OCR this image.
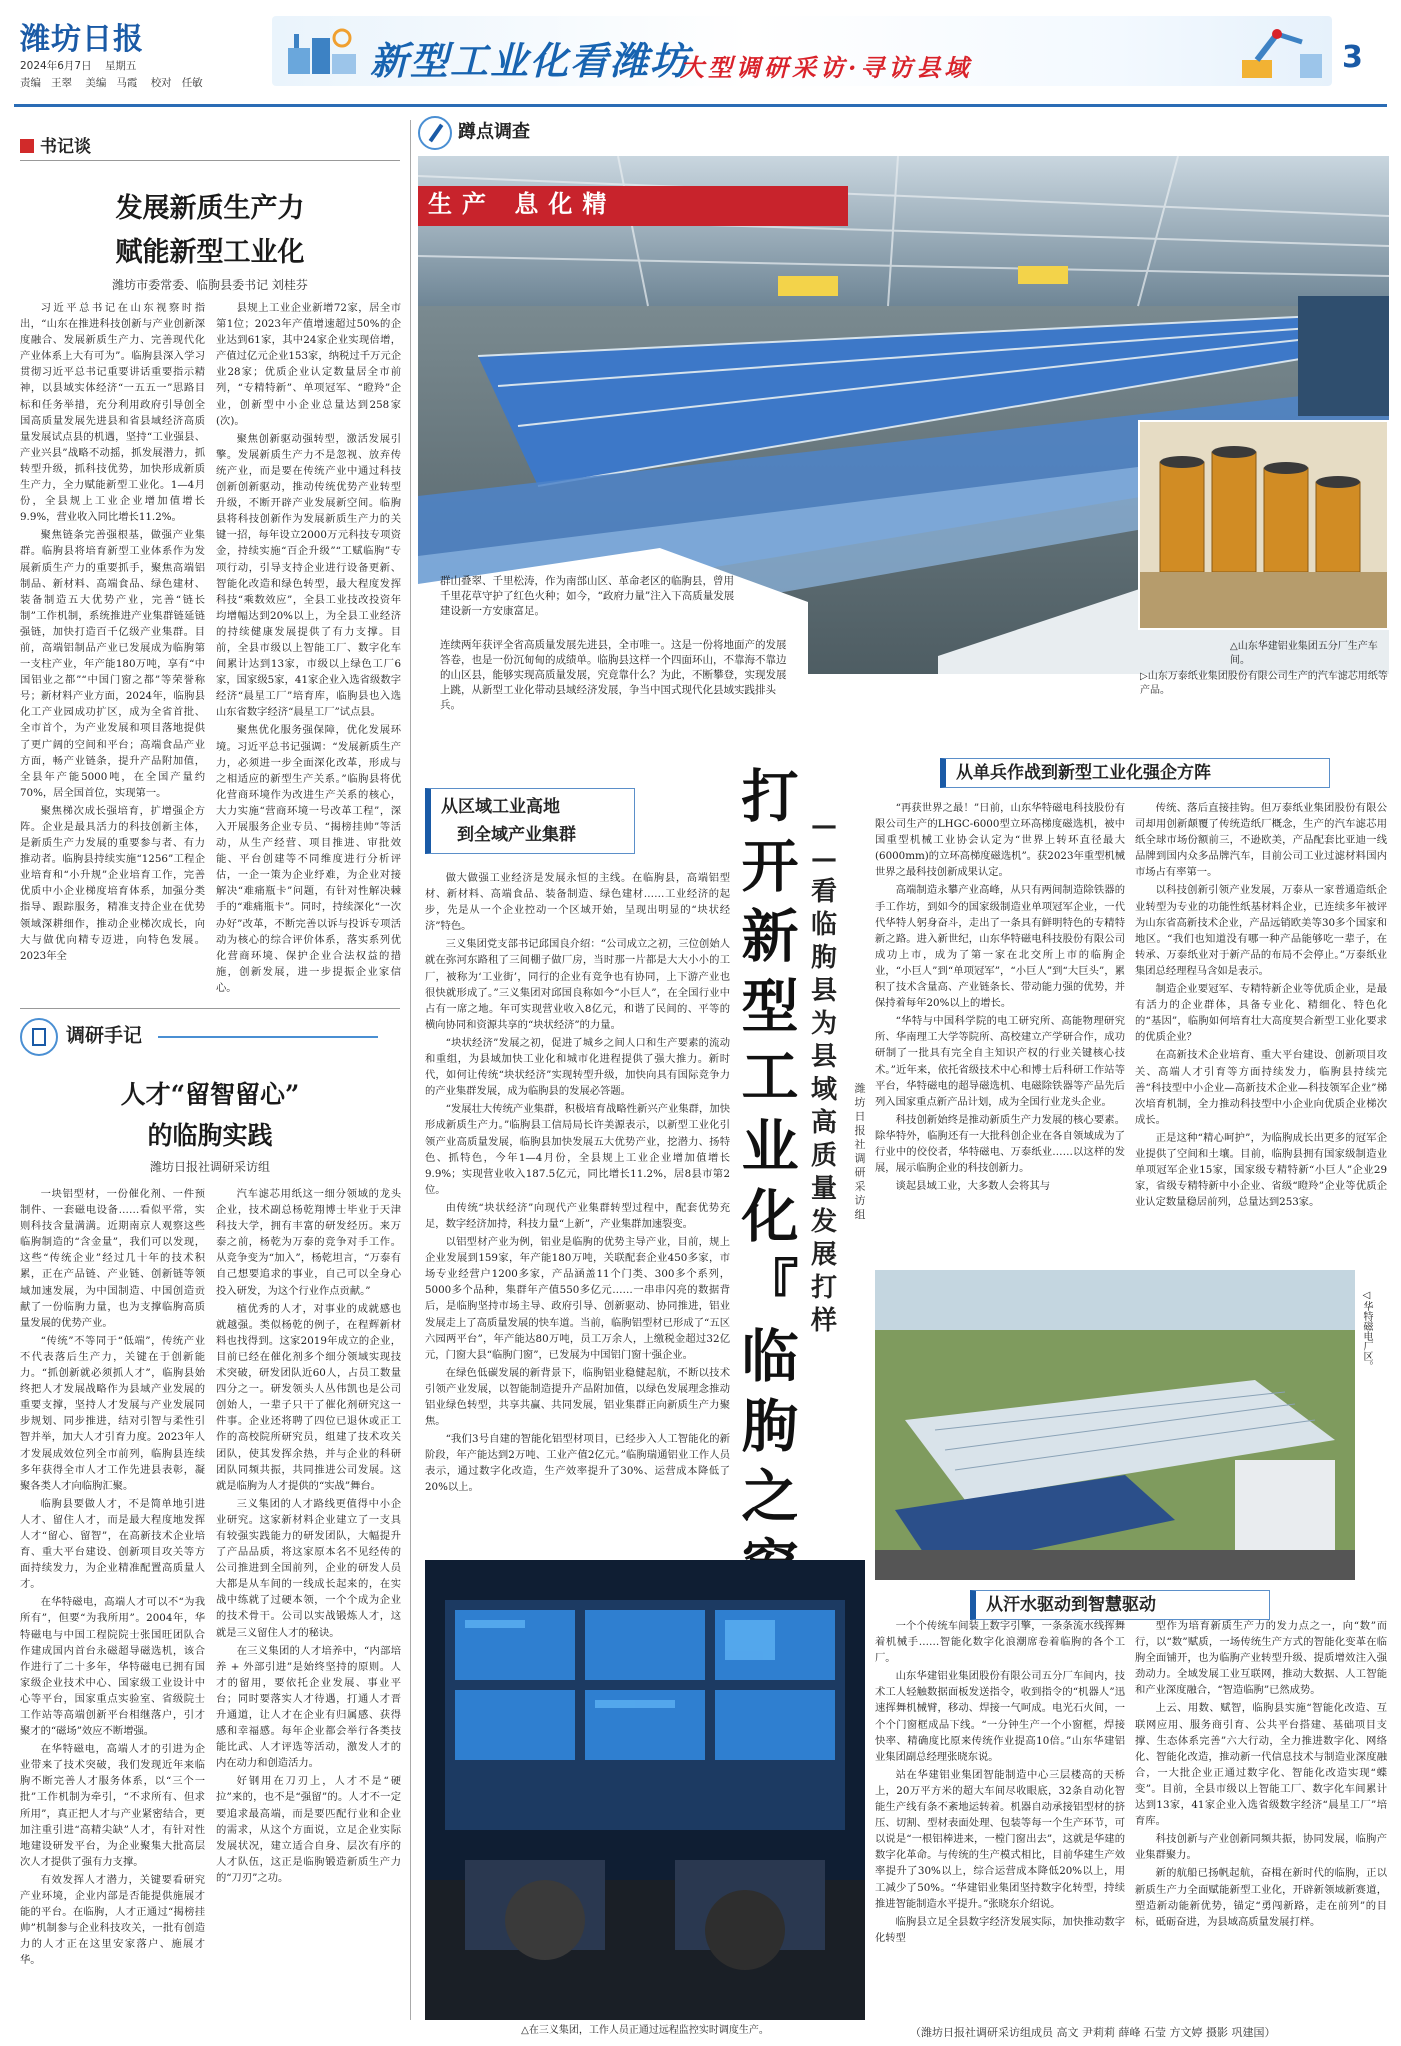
潍坊日报
2024年6月7日 星期五
责编 王翠 美编 马霞 校对 任敏	新型工业化看潍坊
大型调研采访·寻访县域	3
书记谈
发展新质生产力
赋能新型工业化
潍坊市委常委、临朐县委书记 刘桂芬

习近平总书记在山东视察时指出，“山东在推进科技创新与产业创新深度融合、发展新质生产力、完善现代化产业体系上大有可为”。临朐县深入学习贯彻习近平总书记重要讲话重要指示精神，以县域实体经济“一五五一”思路目标和任务举措，充分利用政府引导创全国高质量发展先进县和省县域经济高质量发展试点县的机遇，坚持“工业强县、产业兴县”战略不动摇，抓发展潜力，抓转型升级，抓科技优势，加快形成新质生产力，全力赋能新型工业化。1—4月份，全县规上工业企业增加值增长9.9%，营业收入同比增长11.2%。

聚焦链条完善强根基，做强产业集群。临朐县将培育新型工业体系作为发展新质生产力的重要抓手，聚焦高端铝制品、新材料、高端食品、绿色建材、装备制造五大优势产业，完善“链长制”工作机制，系统推进产业集群链延链强链，加快打造百千亿级产业集群。目前，高端铝制品产业已发展成为临朐第一支柱产业，年产能180万吨，享有“中国铝业之都”“中国门窗之都”等荣誉称号；新材料产业方面，2024年，临朐县化工产业园成功扩区，成为全省首批、全市首个，为产业发展和项目落地提供了更广阔的空间和平台；高端食品产业方面，畅产业链条，提升产品附加值，全县年产能5000吨，在全国产量约70%，居全国首位，实现第一。

聚焦梯次成长强培育，扩增强企方阵。企业是最具活力的科技创新主体，是新质生产力发展的重要参与者、有力推动者。临朐县持续实施“1256”工程企业培育和“小升规”企业培育工作，完善优质中小企业梯度培育体系，加强分类指导、跟踪服务，精准支持企业在优势领域深耕细作，推动企业梯次成长，向大与做优向精专迈进，向特色发展。2023年全

县规上工业企业新增72家，居全市第1位；2023年产值增速超过50%的企业达到61家，其中24家企业实现倍增，产值过亿元企业153家，纳税过千万元企业28家；优质企业认定数量居全市前列，“专精特新”、单项冠军、“瞪羚”企业，创新型中小企业总量达到258家(次)。

聚焦创新驱动强转型，激活发展引擎。发展新质生产力不是忽视、放弃传统产业，而是要在传统产业中通过科技创新创新驱动，推动传统优势产业转型升级，不断开辟产业发展新空间。临朐县将科技创新作为发展新质生产力的关键一招，每年设立2000万元科技专项资金，持续实施“百企升级”“工赋临朐”专项行动，引导支持企业进行设备更新、智能化改造和绿色转型，最大程度发挥科技“乘数效应”，全县工业技改投资年均增幅达到20%以上，为全县工业经济的持续健康发展提供了有力支撑。目前，全县市级以上智能工厂、数字化车间累计达到13家，市级以上绿色工厂6家，国家级5家，41家企业入选省级数字经济“晨星工厂”培育库，临朐县也入选山东省数字经济“晨星工厂”试点县。

聚焦优化服务强保障，优化发展环境。习近平总书记强调：“发展新质生产力，必须进一步全面深化改革，形成与之相适应的新型生产关系。”临朐县将优化营商环境作为改进生产关系的核心，大力实施“营商环境一号改革工程”，深入开展服务企业专员、“揭榜挂帅”等活动，从生产经营、项目推进、审批效能、平台创建等不同维度进行分析评估，一企一策为企业纾难，为企业对接解决“难痛瓶卡”问题，有针对性解决棘手的“难痛瓶卡”。同时，持续深化“一次办好”改革，不断完善以诉与投诉专项活动为核心的综合评价体系，落实系列优化营商环境、保护企业合法权益的措施，创新发展，进一步提振企业家信心。

调研手记
人才“留智留心”
的临朐实践
潍坊日报社调研采访组

一块铝型材，一份催化剂、一件预制件、一套磁电设备……看似平常，实则科技含量满满。近期南京人观察这些临朐制造的“含金量”，我们可以发现，这些“传统企业”经过几十年的技术积累，正在产品链、产业链、创新链等领域加速发展，为中国制造、中国创造贡献了一份临朐力量，也为支撑临朐高质量发展的优势产业。

“传统”不等同于“低端”，传统产业不代表落后生产力，关键在于创新能力。“抓创新就必须抓人才”，临朐县始终把人才发展战略作为县域产业发展的重要支撑，坚持人才发展与产业发展同步规划、同步推进，结对引智与柔性引智并举，加大人才引育力度。2023年人才发展成效位列全市前列，临朐县连续多年获得全市人才工作先进县表彰，凝聚各类人才向临朐汇聚。

临朐县要做人才，不是简单地引进人才、留住人才，而是最大程度地发挥人才“留心、留智”，在高新技术企业培育、重大平台建设、创新项目攻关等方面持续发力，为企业精准配置高质量人才。

在华特磁电，高端人才可以不“为我所有”，但要“为我所用”。2004年，华特磁电与中国工程院院士张国旺团队合作建成国内首台永磁超导磁选机，该合作进行了二十多年，华特磁电已拥有国家级企业技术中心、国家级工业设计中心等平台，国家重点实验室、省级院士工作站等高端创新平台相继落户，引才聚才的“磁场”效应不断增强。

在华特磁电，高端人才的引进为企业带来了技术突破，我们发现近年来临朐不断完善人才服务体系，以“三个一批”工作机制为牵引，“不求所有、但求所用”，真正把人才与产业紧密结合，更加注重引进“高精尖缺”人才，有针对性地建设研发平台，为企业聚集大批高层次人才提供了强有力支撑。

有效发挥人才潜力，关键要看研究产业环境，企业内部是否能提供施展才能的平台。在临朐，人才正通过“揭榜挂帅”机制参与企业科技攻关，一批有创造力的人才正在这里安家落户、施展才华。

汽车滤芯用纸这一细分领域的龙头企业，技术副总杨乾翔博士毕业于天津科技大学，拥有丰富的研发经历。来万泰之前，杨乾为万泰的竞争对手工作。从竞争变为“加入”，杨乾坦言，“万泰有自己想要追求的事业，自己可以全身心投入研发，为这个行业作点贡献。”

植优秀的人才，对事业的成就感也就越强。类似杨乾的例子，在程辉新材料也找得到。这家2019年成立的企业，目前已经在催化剂多个细分领域实现技术突破，研发团队近60人，占员工数量四分之一。研发领头人丛伟凯也是公司创始人，一辈子只干了催化剂研究这一件事。企业还将聘了四位已退休或正工作的高校院所研究员，组建了技术攻关团队，使其发挥余热，并与企业的科研团队同频共振，共同推进公司发展。这就是临朐为人才提供的“实战”舞台。

三义集团的人才路线更值得中小企业研究。这家新材料企业建立了一支具有较强实践能力的研发团队，大幅提升了产品品质，将这家原本名不见经传的公司推进到全国前列，企业的研发人员大都是从车间的一线成长起来的，在实战中练就了过硬本领，一个个成为企业的技术骨干。公司以实战锻炼人才，这就是三义留住人才的秘诀。

在三义集团的人才培养中，“内部培养 + 外部引进”是始终坚持的原则。人才的留用，要依托企业发展、事业平台；同时要落实人才待遇，打通人才晋升通道，让人才在企业有归属感、获得感和幸福感。每年企业都会举行各类技能比武、人才评选等活动，激发人才的内在动力和创造活力。

好钢用在刀刃上，人才不是“硬拉”来的，也不是“强留”的。人才不一定要追求最高端，而是要匹配行业和企业的需求，从这个方面说，立足企业实际发展状况，建立适合自身、层次有序的人才队伍，这正是临朐锻造新质生产力的“刀刃”之功。

蹲点调查
生产 息化精
△山东华建铝业集团五分厂生产车间。
▷山东万泰纸业集团股份有限公司生产的汽车滤芯用纸等产品。
群山叠翠、千里松涛，作为南部山区、革命老区的临朐县，曾用千里花草守护了红色火种；如今，“政府力量”注入下高质量发展建设新一方安康富足。
连续两年获评全省高质量发展先进县，全市唯一。这是一份将地面产的发展答卷，也是一份沉甸甸的成绩单。临朐县这样一个四面环山，不靠海不靠边的山区县，能够实现高质量发展，究竟靠什么？为此，不断攀登，实现发展上跳，从新型工业化带动县域经济发展，争当中国式现代化县域实践排头兵。
打
开
新
型
工
业
化
『
临
朐
之
—
—
看
临
朐
县
为
县
域
高
质
量
发
展
打
样
潍
坊
日
报
社
调
研
采
访
组
从区域工业高地
到全域产业集群

做大做强工业经济是发展永恒的主线。在临朐县，高端铝型材、新材料、高端食品、装备制造、绿色建材……工业经济的起步，先是从一个企业控动一个区域开始，呈现出明显的“块状经济”特色。

三义集团党支部书记邱国良介绍：“公司成立之初，三位创始人就在弥河东路租了三间棚子做厂房，当时那一片都是大大小小的工厂，被称为‘工业街’，同行的企业有竞争也有协同，上下游产业也很快就形成了。”三义集团对邱国良称如今“小巨人”，在全国行业中占有一席之地。年可实现营业收入8亿元，和谐了民间的、平等的横向协同和资源共享的“块状经济”的力量。

“块状经济”发展之初，促进了城乡之间人口和生产要素的流动和重组，为县域加快工业化和城市化进程提供了强大推力。新时代，如何让传统“块状经济”实现转型升级，加快向具有国际竞争力的产业集群发展，成为临朐县的发展必答题。

“发展壮大传统产业集群，积极培育战略性新兴产业集群，加快形成新质生产力。”临朐县工信局局长许美源表示，以新型工业化引领产业高质量发展，临朐县加快发展五大优势产业，挖潜力、扬特色、抓特色，今年1—4月份，全县规上工业企业增加值增长9.9%；实现营业收入187.5亿元，同比增长11.2%，居8县市第2位。

由传统“块状经济”向现代产业集群转型过程中，配套优势充足，数字经济加持，科技力量“上新”，产业集群加速裂变。

以铝型材产业为例，铝业是临朐的优势主导产业，目前，规上企业发展到159家，年产能180万吨，关联配套企业450多家，市场专业经营户1200多家，产品涵盖11个门类、300多个系列，5000多个品种，集群年产值550多亿元……一串串闪亮的数据背后，是临朐坚持市场主导、政府引导、创新驱动、协同推进，铝业发展走上了高质量发展的快车道。当前，临朐铝型材已形成了“五区六园两平台”，年产能达80万吨，员工万余人，上缴税金超过32亿元，门窗大县“临朐门窗”，已发展为中国铝门窗十强企业。

在绿色低碳发展的新背景下，临朐铝业稳健起航，不断以技术引领产业发展，以智能制造提升产品附加值，以绿色发展理念推动铝业绿色转型，共享共赢、共同发展，铝业集群正向新质生产力聚焦。

“我们3号自建的智能化铝型材项目，已经步入人工智能化的新阶段，年产能达到2万吨、工业产值2亿元。”临朐瑞通铝业工作人员表示，通过数字化改造，生产效率提升了30%、运营成本降低了20%以上。

从单兵作战到新型工业化强企方阵

“再获世界之最！”日前，山东华特磁电科技股份有限公司生产的LHGC-6000型立环高梯度磁选机，被中国重型机械工业协会认定为“世界上转环直径最大(6000mm)的立环高梯度磁选机”。获2023年重型机械世界之最科技创新成果认定。

高端制造永攀产业高峰，从只有两间制造除铁器的手工作坊，到如今的国家级制造业单项冠军企业，一代代华特人躬身奋斗，走出了一条具有鲜明特色的专精特新之路。进入新世纪，山东华特磁电科技股份有限公司成功上市，成为了第一家在北交所上市的临朐企业，“小巨人”到“单项冠军”，“小巨人”到“大巨头”，累积了技术含量高、产业链条长、带动能力强的优势，并保持着每年20%以上的增长。

“华特与中国科学院的电工研究所、高能物理研究所、华南理工大学等院所、高校建立产学研合作，成功研制了一批具有完全自主知识产权的行业关键核心技术。”近年来，依托省级技术中心和博士后科研工作站等平台，华特磁电的超导磁选机、电磁除铁器等产品先后列入国家重点新产品计划，成为全国行业龙头企业。

科技创新始终是推动新质生产力发展的核心要素。除华特外，临朐还有一大批科创企业在各自领域成为了行业中的佼佼者，华特磁电、万泰纸业……以这样的发展，展示临朐企业的科技创新力。

谈起县域工业，大多数人会将其与

传统、落后直接挂钩。但万泰纸业集团股份有限公司却用创新颠覆了传统造纸厂概念，生产的汽车滤芯用纸全球市场份额前三，不逊欧美，产品配套比亚迪一线品牌到国内众多品牌汽车，目前公司工业过滤材料国内市场占有率第一。

以科技创新引领产业发展，万泰从一家普通造纸企业转型为专业的功能性纸基材料企业，已连续多年被评为山东省高新技术企业，产品远销欧美等30多个国家和地区。“我们也知道没有哪一种产品能够吃一辈子，在转承、万泰纸业对于新产品的布局不会停止。”万泰纸业集团总经理程马含如是表示。

制造企业要冠军、专精特新企业等优质企业，是最有活力的企业群体，具备专业化、精细化、特色化的“基因”，临朐如何培育壮大高度契合新型工业化要求的优质企业？

在高新技术企业培育、重大平台建设、创新项目攻关、高端人才引育等方面持续发力，临朐县持续完善“科技型中小企业—高新技术企业—科技领军企业”梯次培育机制，全力推动科技型中小企业向优质企业梯次成长。

正是这种“精心呵护”，为临朐成长出更多的冠军企业提供了空间和土壤。目前，临朐县拥有国家级制造业单项冠军企业15家，国家级专精特新“小巨人”企业29家，省级专精特新中小企业、省级“瞪羚”企业等优质企业认定数量稳居前列，总量达到253家。

◁华特磁电厂区。
从汗水驱动到智慧驱动
△在三义集团，工作人员正通过远程监控实时调度生产。

一个个传统车间装上数字引擎，一条条流水线挥舞着机械手……智能化数字化浪潮席卷着临朐的各个工厂。

山东华建铝业集团股份有限公司五分厂车间内，技术工人轻触数据面板发送指令，收到指令的“机器人”迅速挥舞机械臂，移动、焊接一气呵成。电光石火间，一个个门窗框成品下线。“一分钟生产一个小窗框，焊接快率、精确度比原来传统作业提高10倍。”山东华建铝业集团副总经理张晓东说。

站在华建铝业集团智能制造中心三层楼高的天桥上，20万平方米的超大车间尽收眼底，32条自动化智能生产线有条不紊地运转着。机器自动承接铝型材的挤压、切割、型材表面处理、包装等每一个生产环节，可以说是“一根铝棒进来，一樘门窗出去”，这就是华建的数字化革命。与传统的生产模式相比，目前华建生产效率提升了30%以上，综合运营成本降低20%以上，用工减少了50%。“华建铝业集团坚持数字化转型，持续推进智能制造水平提升。”张晓东介绍说。

临朐县立足全县数字经济发展实际，加快推动数字化转型

型作为培育新质生产力的发力点之一，向“数”而行，以“数”赋质，一场传统生产方式的智能化变革在临朐全面铺开，也为临朐产业转型升级、提质增效注入强劲动力。全域发展工业互联网，推动大数据、人工智能和产业深度融合，“智造临朐”已然成势。

上云、用数、赋智，临朐县实施“智能化改造、互联网应用、服务商引育、公共平台搭建、基础项目支撑、生态体系完善”六大行动，全力推进数字化、网络化、智能化改造，推动新一代信息技术与制造业深度融合，一大批企业正通过数字化、智能化改造实现“蝶变”。目前，全县市级以上智能工厂、数字化车间累计达到13家，41家企业入选省级数字经济“晨星工厂”培育库。

科技创新与产业创新同频共振，协同发展，临朐产业集群聚力。

新的航船已扬帆起航，奋楫在新时代的临朐，正以新质生产力全面赋能新型工业化，开辟新领域新赛道，塑造新动能新优势，锚定“勇闯新路，走在前列”的目标，砥砺奋进，为县域高质量发展打样。

（潍坊日报社调研采访组成员 高文 尹莉莉 薛峰 石莹 方文婷 摄影 巩建国）
